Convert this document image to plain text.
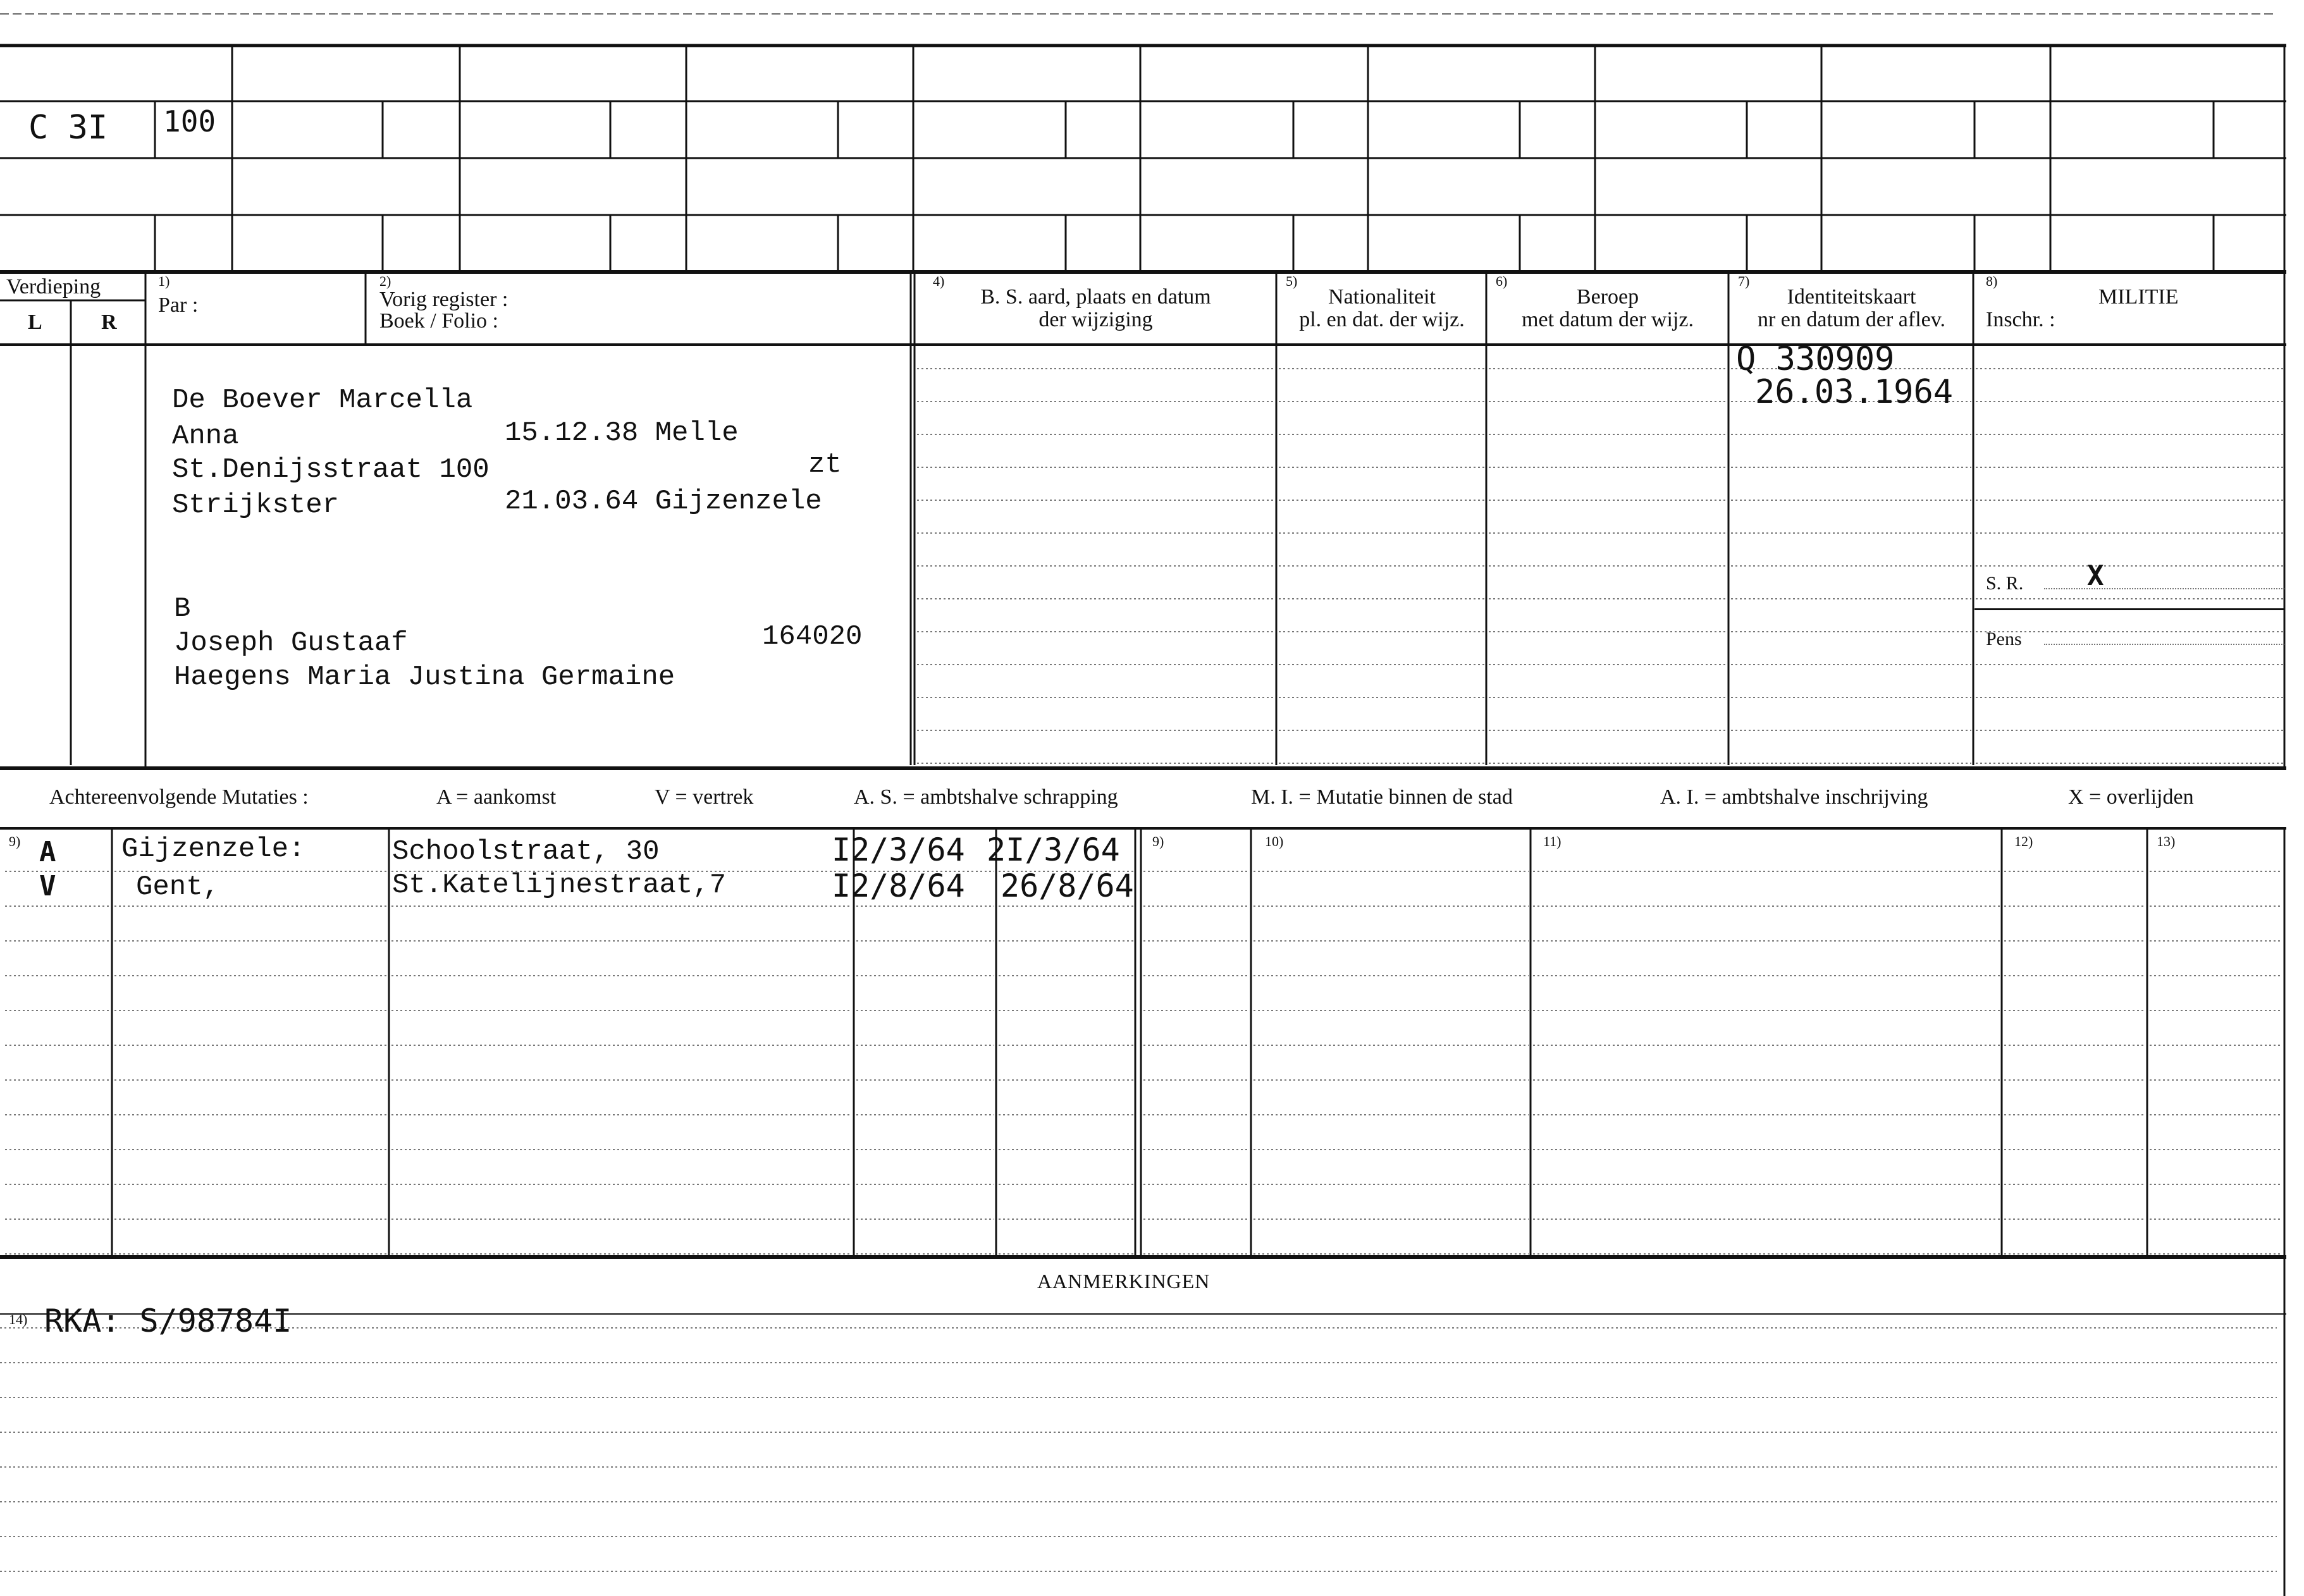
C 3I 100
Verdieping
L	R
1)
Par :
2)
Vorig register :
Boek / Folio :
4)
B. S. aard, plaats en datum
der wijziging
5)
Nationaliteit
pl. en dat. der wijz.
6)
Beroep
met datum der wijz.
7)
Identiteitskaart
nr en datum der aflev.
8)
MILITIE
Inschr. :
De Boever Marcella
Anna	15.12.38 Melle
St.Denijsstraat 100	zt
Strijkster	21.03.64 Gijzenzele
B
Joseph Gustaaf	164020
Haegens Maria Justina Germaine
Q 330909
26.03.1964
S. R. X
Pens
Achtereenvolgende Mutaties :	A = aankomst	V = vertrek	A. S. = ambtshalve schrapping	M. I. = Mutatie binnen de stad	A. I. = ambtshalve inschrijving	X = overlijden
9)	9)	10)	11)	12)	13)
A Gijzenzele:	Schoolstraat, 30	I2/3/64 2I/3/64
V	Gent,	St.Katelijnestraat,7	I2/8/64 26/8/64
AANMERKINGEN
14) RKA: S/98784I
